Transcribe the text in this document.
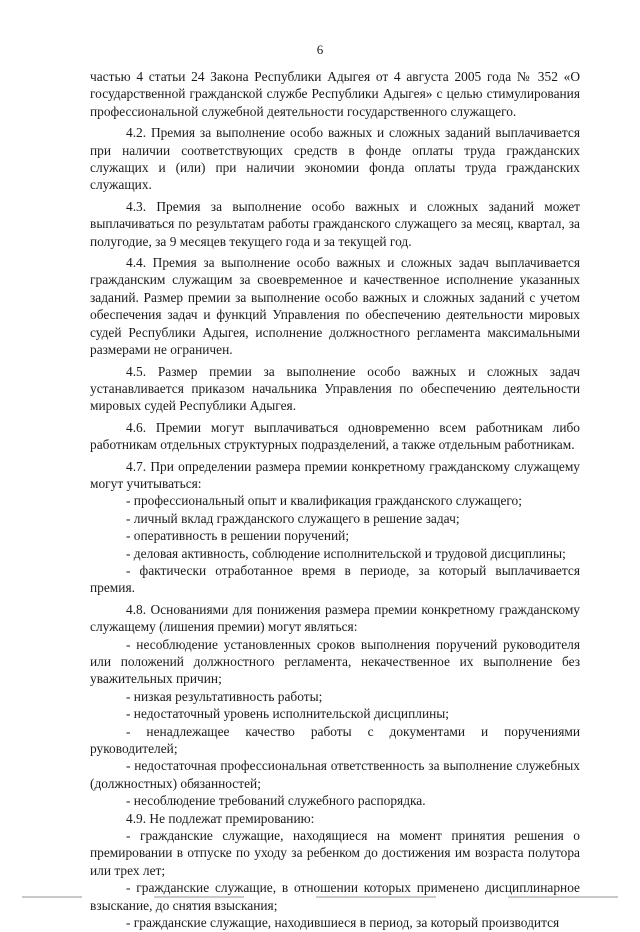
6

частью 4 статьи 24 Закона Республики Адыгея от 4 августа 2005 года № 352 «О государственной гражданской службе Республики Адыгея» с целью стимулирования профессиональной служебной деятельности государственного служащего.

4.2. Премия за выполнение особо важных и сложных заданий выплачивается при наличии соответствующих средств в фонде оплаты труда гражданских служащих и (или) при наличии экономии фонда оплаты труда гражданских служащих.

4.3. Премия за выполнение особо важных и сложных заданий может выплачиваться по результатам работы гражданского служащего за месяц, квартал, за полугодие, за 9 месяцев текущего года и за текущей год.

4.4. Премия за выполнение особо важных и сложных задач выплачивается гражданским служащим за своевременное и качественное исполнение указанных заданий. Размер премии за выполнение особо важных и сложных заданий с учетом обеспечения задач и функций Управления по обеспечению деятельности мировых судей Республики Адыгея, исполнение должностного регламента максимальными размерами не ограничен.

4.5. Размер премии за выполнение особо важных и сложных задач устанавливается приказом начальника Управления по обеспечению деятельности мировых судей Республики Адыгея.

4.6. Премии могут выплачиваться одновременно всем работникам либо работникам отдельных структурных подразделений, а также отдельным работникам.

4.7. При определении размера премии конкретному гражданскому служащему могут учитываться:

- профессиональный опыт и квалификация гражданского служащего;

- личный вклад гражданского служащего в решение задач;

- оперативность в решении поручений;

- деловая активность, соблюдение исполнительской и трудовой дисциплины;

- фактически отработанное время в периоде, за который выплачивается премия.

4.8. Основаниями для понижения размера премии конкретному гражданскому служащему (лишения премии) могут являться:

- несоблюдение установленных сроков выполнения поручений руководителя или положений должностного регламента, некачественное их выполнение без уважительных причин;

- низкая результативность работы;

- недостаточный уровень исполнительской дисциплины;

- ненадлежащее качество работы с документами и поручениями руководителей;

- недостаточная профессиональная ответственность за выполнение служебных (должностных) обязанностей;

- несоблюдение требований служебного распорядка.

4.9. Не подлежат премированию:

- гражданские служащие, находящиеся на момент принятия решения о премировании в отпуске по уходу за ребенком до достижения им возраста полутора или трех лет;

- гражданские служащие, в отношении которых применено дисциплинарное взыскание, до снятия взыскания;

- гражданские служащие, находившиеся в период, за который производится
